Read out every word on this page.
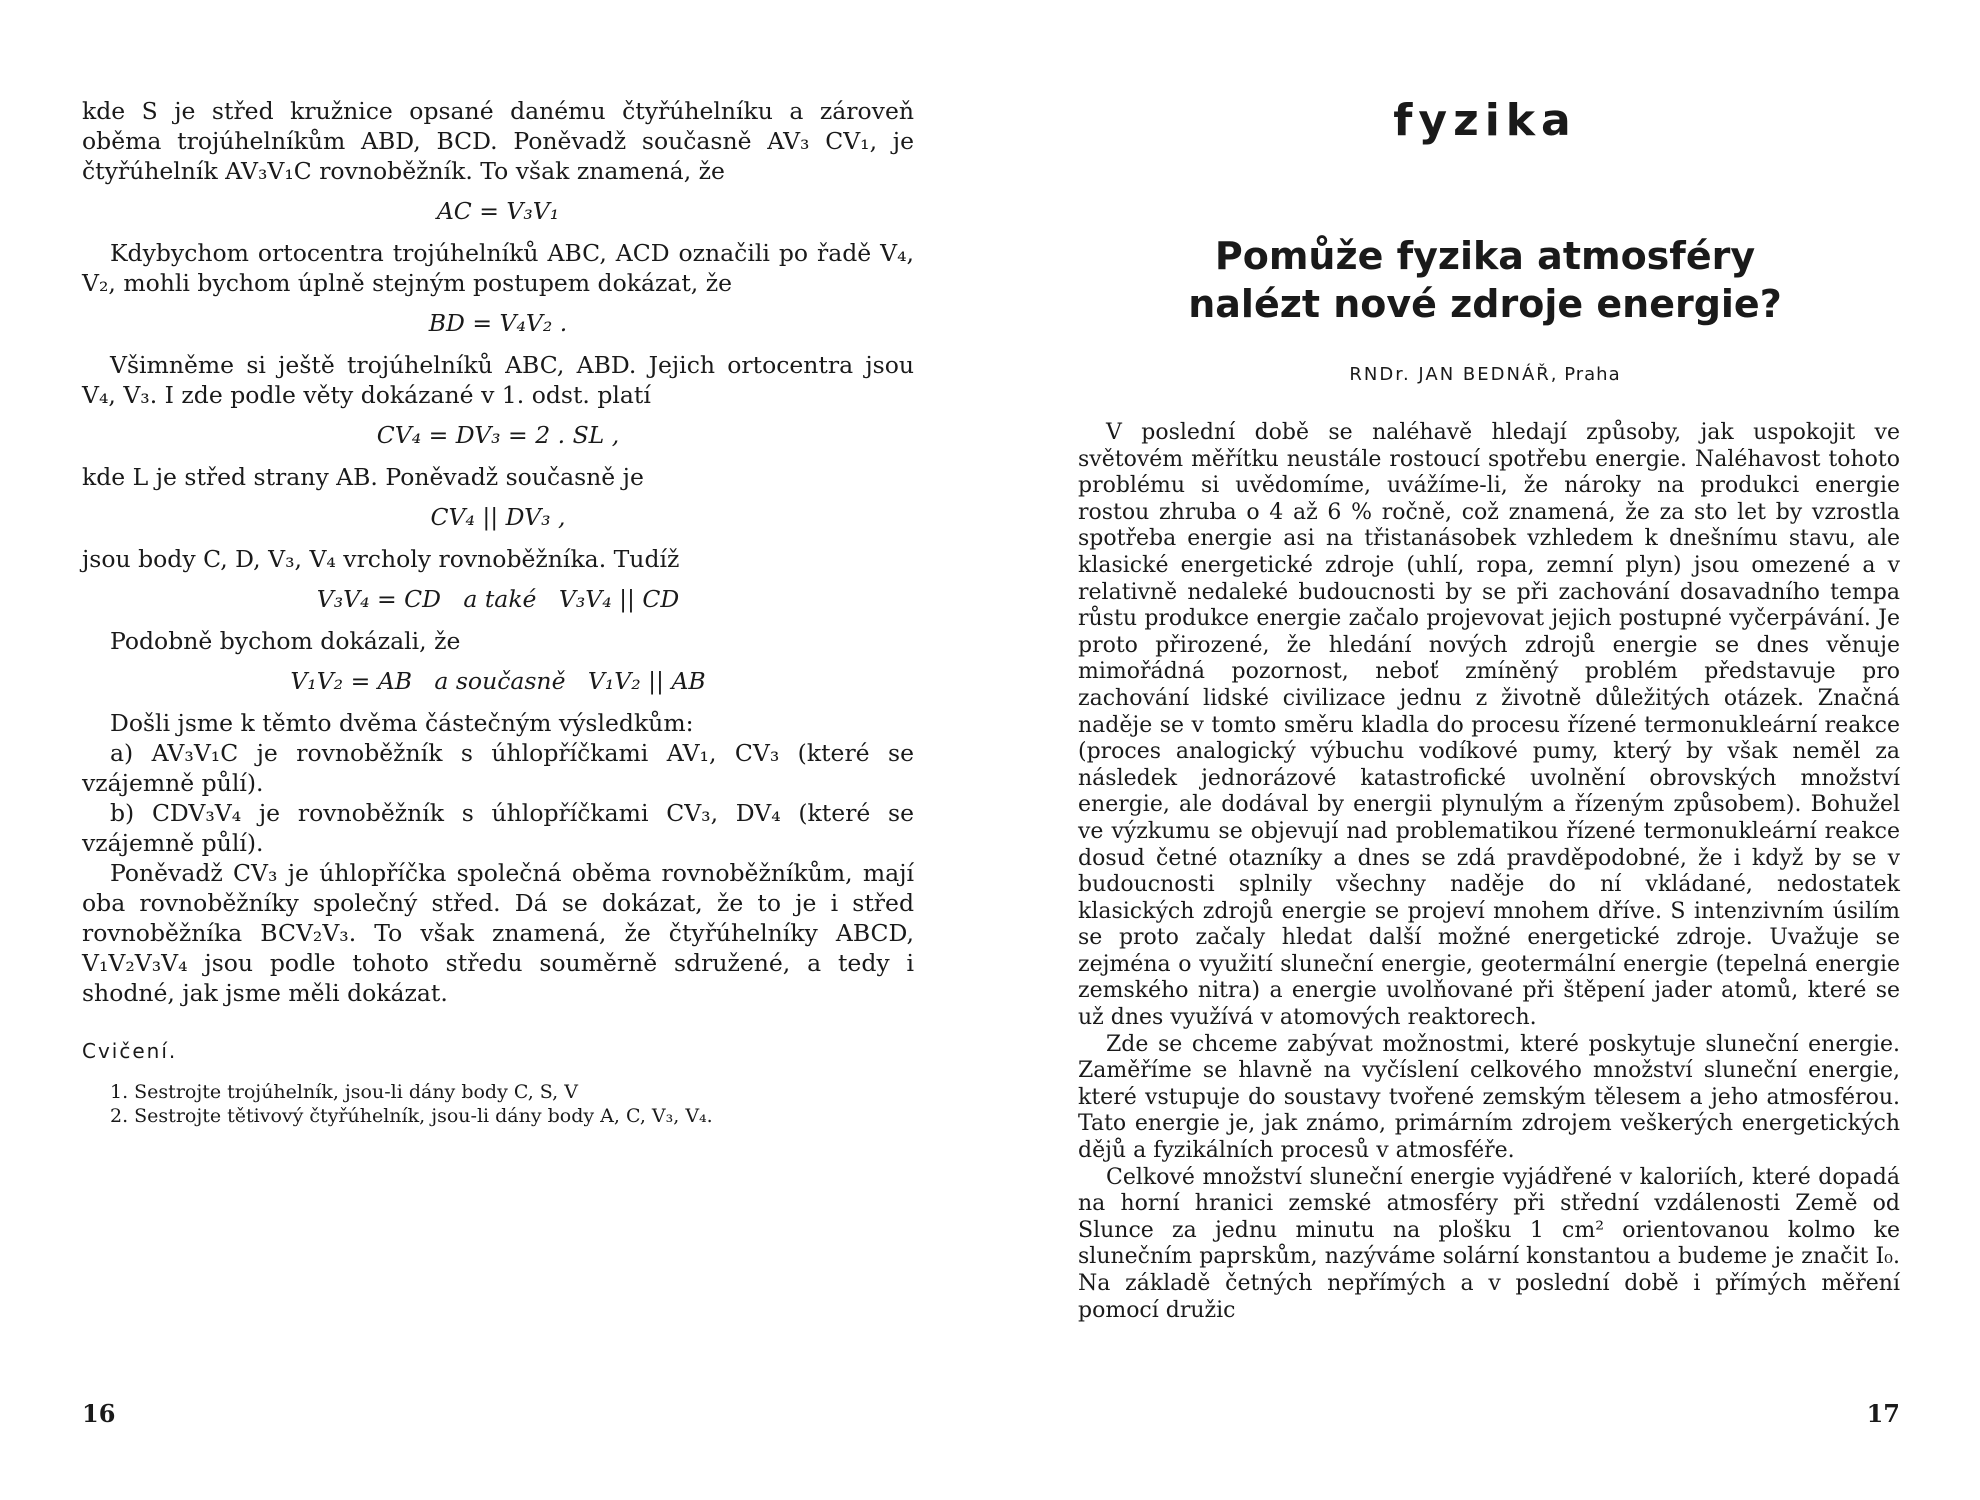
kde S je střed kružnice opsané danému čtyřúhelníku a zároveň oběma trojúhelníkům ABD, BCD. Poněvadž současně AV₃ CV₁, je čtyřúhelník AV₃V₁C rovnoběžník. To však znamená, že

AC = V₃V₁

Kdybychom ortocentra trojúhelníků ABC, ACD označili po řadě V₄, V₂, mohli bychom úplně stejným postupem dokázat, že

BD = V₄V₂ .

Všimněme si ještě trojúhelníků ABC, ABD. Jejich ortocentra jsou V₄, V₃. I zde podle věty dokázané v 1. odst. platí

CV₄ = DV₃ = 2 . SL ,

kde L je střed strany AB. Poněvadž současně je

CV₄ || DV₃ ,

jsou body C, D, V₃, V₄ vrcholy rovnoběžníka. Tudíž

V₃V₄ = CD   a také   V₃V₄ || CD

Podobně bychom dokázali, že

V₁V₂ = AB   a současně   V₁V₂ || AB

Došli jsme k těmto dvěma částečným výsledkům:

a) AV₃V₁C je rovnoběžník s úhlopříčkami AV₁, CV₃ (které se vzájemně půlí).

b) CDV₃V₄ je rovnoběžník s úhlopříčkami CV₃, DV₄ (které se vzájemně půlí).

Poněvadž CV₃ je úhlopříčka společná oběma rovnoběžníkům, mají oba rovnoběžníky společný střed. Dá se dokázat, že to je i střed rovnoběžníka BCV₂V₃. To však znamená, že čtyřúhelníky ABCD, V₁V₂V₃V₄ jsou podle tohoto středu souměrně sdružené, a tedy i shodné, jak jsme měli dokázat.

Cvičení.
1. Sestrojte trojúhelník, jsou-li dány body C, S, V
2. Sestrojte tětivový čtyřúhelník, jsou-li dány body A, C, V₃, V₄.
16
fyzika
Pomůže fyzika atmosféry
nalézt nové zdroje energie?
RNDr. JAN BEDNÁŘ, Praha

V poslední době se naléhavě hledají způsoby, jak uspokojit ve světovém měřítku neustále rostoucí spotřebu energie. Naléhavost tohoto problému si uvědomíme, uvážíme-li, že nároky na produkci energie rostou zhruba o 4 až 6 % ročně, což znamená, že za sto let by vzrostla spotřeba energie asi na třistanásobek vzhledem k dnešnímu stavu, ale klasické energetické zdroje (uhlí, ropa, zemní plyn) jsou omezené a v relativně nedaleké budoucnosti by se při zachování dosavadního tempa růstu produkce energie začalo projevovat jejich postupné vyčerpávání. Je proto přirozené, že hledání nových zdrojů energie se dnes věnuje mimořádná pozornost, neboť zmíněný problém představuje pro zachování lidské civilizace jednu z životně důležitých otázek. Značná naděje se v tomto směru kladla do procesu řízené termonukleární reakce (proces analogický výbuchu vodíkové pumy, který by však neměl za následek jednorázové katastrofické uvolnění obrovských množství energie, ale dodával by energii plynulým a řízeným způsobem). Bohužel ve výzkumu se objevují nad problematikou řízené termonukleární reakce dosud četné otazníky a dnes se zdá pravděpodobné, že i když by se v budoucnosti splnily všechny naděje do ní vkládané, nedostatek klasických zdrojů energie se projeví mnohem dříve. S intenzivním úsilím se proto začaly hledat další možné energetické zdroje. Uvažuje se zejména o využití sluneční energie, geotermální energie (tepelná energie zemského nitra) a energie uvolňované při štěpení jader atomů, které se už dnes využívá v atomových reaktorech.

Zde se chceme zabývat možnostmi, které poskytuje sluneční energie. Zaměříme se hlavně na vyčíslení celkového množství sluneční energie, které vstupuje do soustavy tvořené zemským tělesem a jeho atmosférou. Tato energie je, jak známo, primárním zdrojem veškerých energetických dějů a fyzikálních procesů v atmosféře.

Celkové množství sluneční energie vyjádřené v kaloriích, které dopadá na horní hranici zemské atmosféry při střední vzdálenosti Země od Slunce za jednu minutu na plošku 1 cm² orientovanou kolmo ke slunečním paprskům, nazýváme solární konstantou a budeme je značit I₀. Na základě četných nepřímých a v poslední době i přímých měření pomocí družic

17
